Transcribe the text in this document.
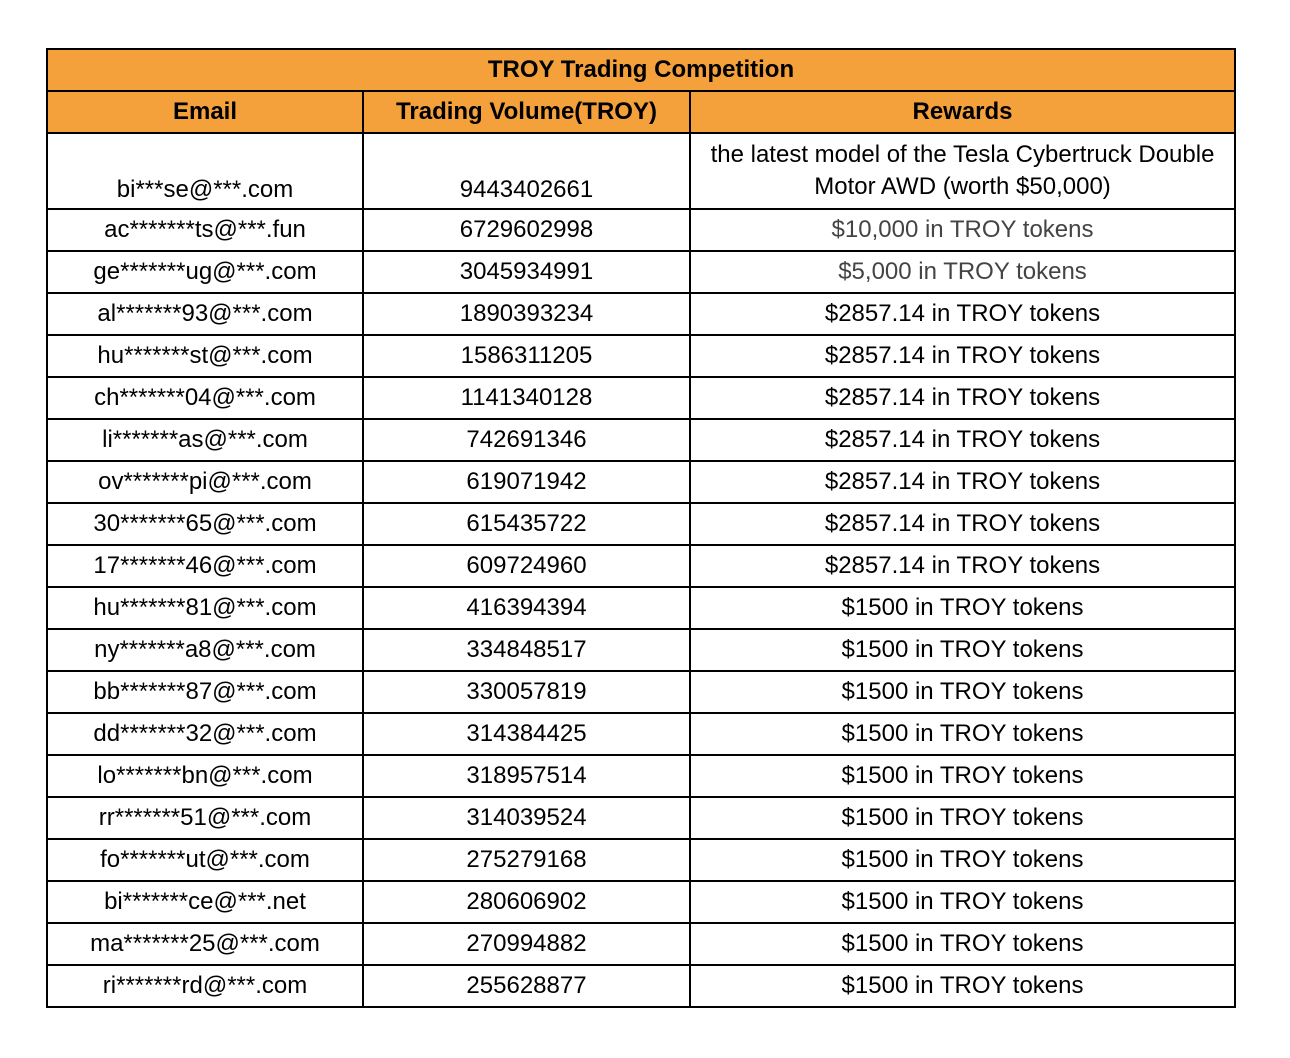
TROY Trading Competition		
Email	Trading Volume(TROY)	Rewards
bi***se@***.com	9443402661	the latest model of the Tesla Cybertruck Double Motor AWD (worth $50,000)
ac*******ts@***.fun	6729602998	$10,000 in TROY tokens
ge*******ug@***.com	3045934991	$5,000 in TROY tokens
al*******93@***.com	1890393234	$2857.14 in TROY tokens
hu*******st@***.com	1586311205	$2857.14 in TROY tokens
ch*******04@***.com	1141340128	$2857.14 in TROY tokens
li*******as@***.com	742691346	$2857.14 in TROY tokens
ov*******pi@***.com	619071942	$2857.14 in TROY tokens
30*******65@***.com	615435722	$2857.14 in TROY tokens
17*******46@***.com	609724960	$2857.14 in TROY tokens
hu*******81@***.com	416394394	$1500 in TROY tokens
ny*******a8@***.com	334848517	$1500 in TROY tokens
bb*******87@***.com	330057819	$1500 in TROY tokens
dd*******32@***.com	314384425	$1500 in TROY tokens
lo*******bn@***.com	318957514	$1500 in TROY tokens
rr*******51@***.com	314039524	$1500 in TROY tokens
fo*******ut@***.com	275279168	$1500 in TROY tokens
bi*******ce@***.net	280606902	$1500 in TROY tokens
ma*******25@***.com	270994882	$1500 in TROY tokens
ri*******rd@***.com	255628877	$1500 in TROY tokens
